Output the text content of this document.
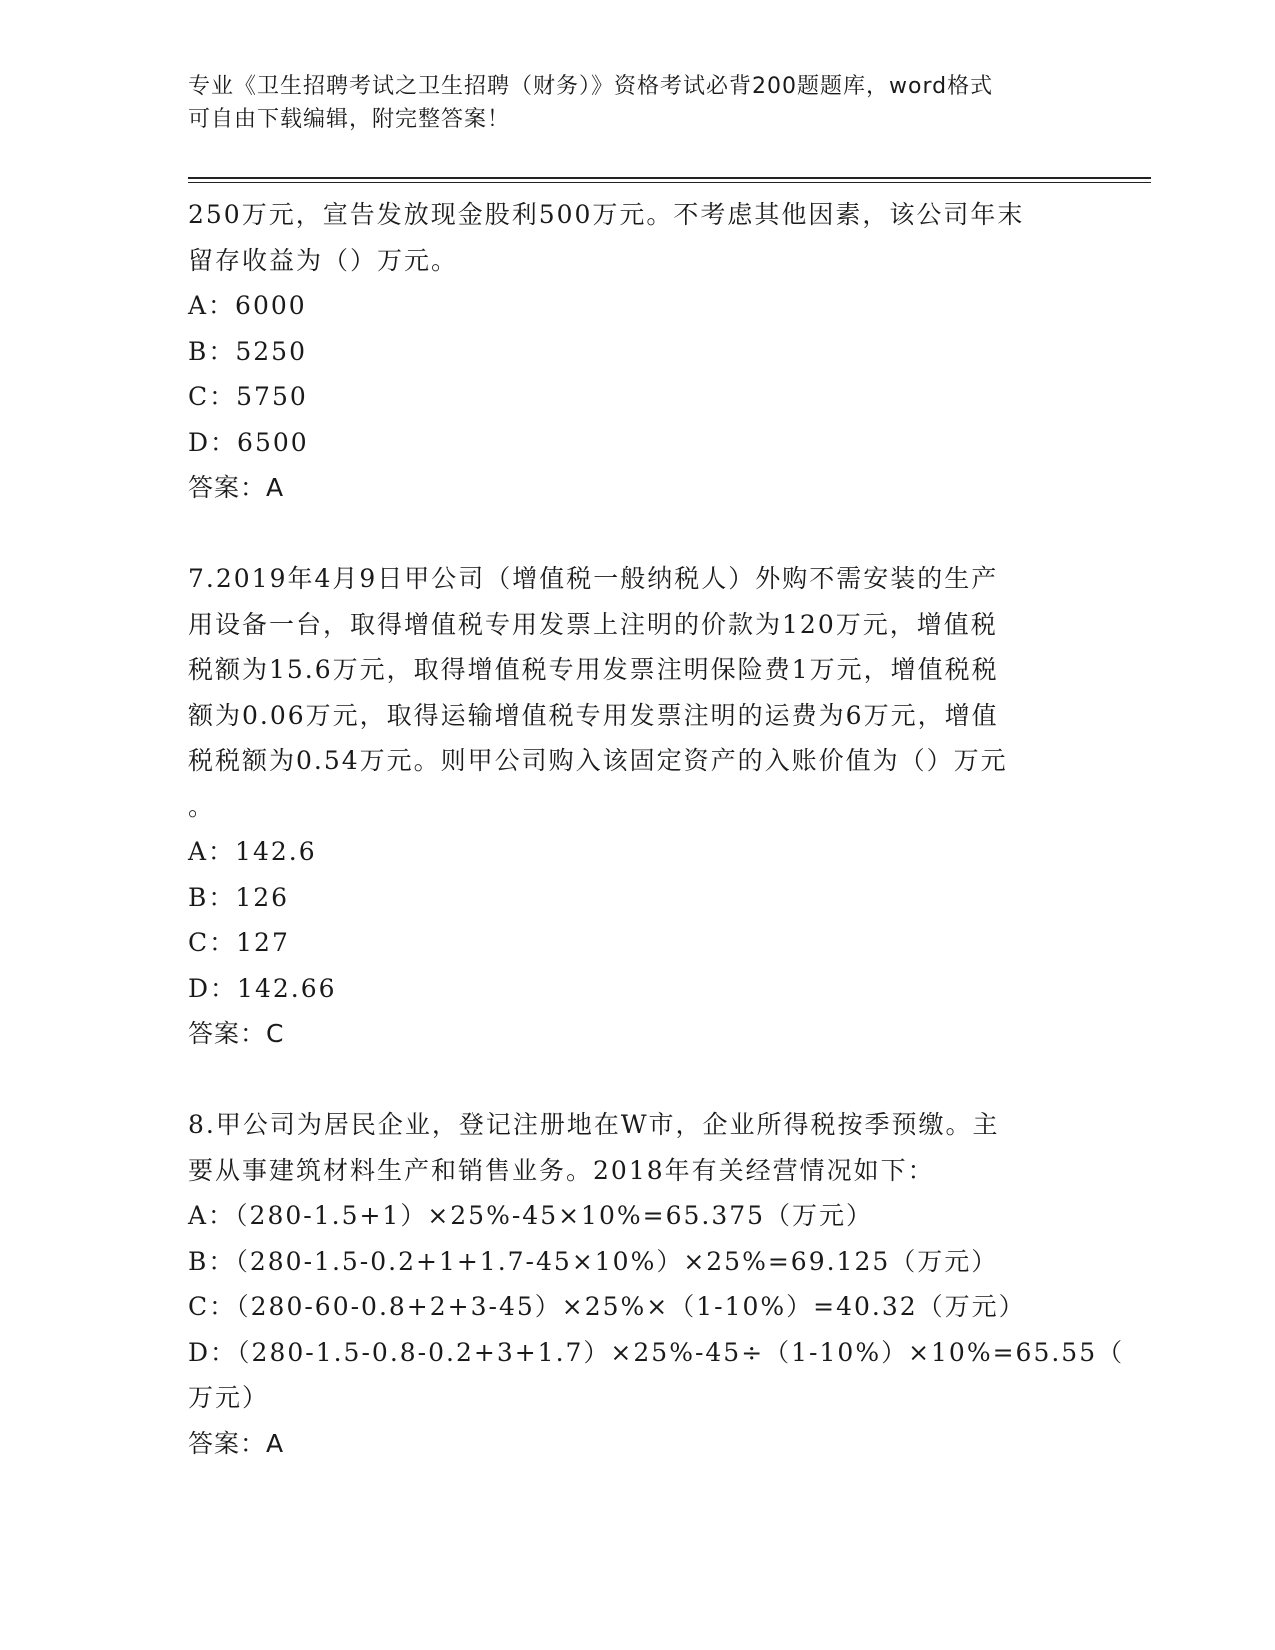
专业《卫生招聘考试之卫生招聘（财务）》资格考试必背200题题库，word格式
可自由下载编辑，附完整答案！
250万元，宣告发放现金股利500万元。不考虑其他因素，该公司年末
留存收益为（）万元。
A：6000
B：5250
C：5750
D：6500
答案：A
7.2019年4月9日甲公司（增值税一般纳税人）外购不需安装的生产
用设备一台，取得增值税专用发票上注明的价款为120万元，增值税
税额为15.6万元，取得增值税专用发票注明保险费1万元，增值税税
额为0.06万元，取得运输增值税专用发票注明的运费为6万元，增值
税税额为0.54万元。则甲公司购入该固定资产的入账价值为（）万元
。
A：142.6
B：126
C：127
D：142.66
答案：C
8.甲公司为居民企业，登记注册地在W市，企业所得税按季预缴。主
要从事建筑材料生产和销售业务。2018年有关经营情况如下：
A：（280-1.5+1）×25%-45×10%=65.375（万元）
B：（280-1.5-0.2+1+1.7-45×10%）×25%=69.125（万元）
C：（280-60-0.8+2+3-45）×25%×（1-10%）=40.32（万元）
D：（280-1.5-0.8-0.2+3+1.7）×25%-45÷（1-10%）×10%=65.55（
万元）
答案：A
